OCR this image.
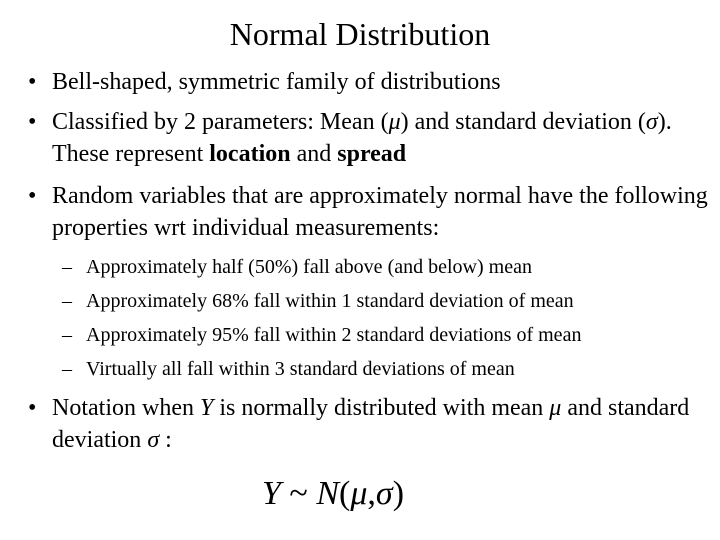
Normal Distribution
• Bell-shaped, symmetric family of distributions
• Classified by 2 parameters: Mean (μ) and standard deviation (σ). These represent location and spread
• Random variables that are approximately normal have the following properties wrt individual measurements:
– Approximately half (50%) fall above (and below) mean
– Approximately 68% fall within 1 standard deviation of mean
– Approximately 95% fall within 2 standard deviations of mean
– Virtually all fall within 3 standard deviations of mean
• Notation when Y is normally distributed with mean μ and standard deviation σ :
Y ~ N(μ,σ)
